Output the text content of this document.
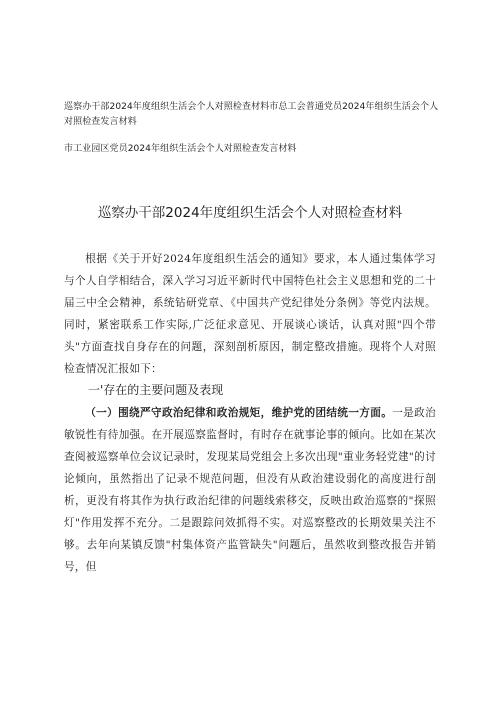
巡察办干部2024年度组织生活会个人对照检查材料市总工会普通党员2024年组织生活会个人对照检查发言材料

市工业园区党员2024年组织生活会个人对照检查发言材料

巡察办干部2024年度组织生活会个人对照检查材料

根据《关于开好2024年度组织生活会的通知》要求，本人通过集体学习与个人自学相结合，深入学习习近平新时代中国特色社会主义思想和党的二十届三中全会精神，系统钻研党章、《中国共产党纪律处分条例》等党内法规。同时，紧密联系工作实际,广泛征求意见、开展谈心谈话，认真对照"四个带头"方面查找自身存在的问题，深刻剖析原因，制定整改措施。现将个人对照检查情况汇报如下：

一'存在的主要问题及表现

（一）围绕严守政治纪律和政治规矩，维护党的团结统一方面。一是政治敏锐性有待加强。在开展巡察监督时，有时存在就事论事的倾向。比如在某次查阅被巡察单位会议记录时，发现某局党组会上多次出现"重业务轻党建"的讨论倾向，虽然指出了记录不规范问题，但没有从政治建设弱化的高度进行剖析，更没有将其作为执行政治纪律的问题线索移交，反映出政治巡察的"探照灯"作用发挥不充分。二是跟踪问效抓得不实。对巡察整改的长期效果关注不够。去年向某镇反馈"村集体资产监管缺失"问题后，虽然收到整改报告并销号，但
